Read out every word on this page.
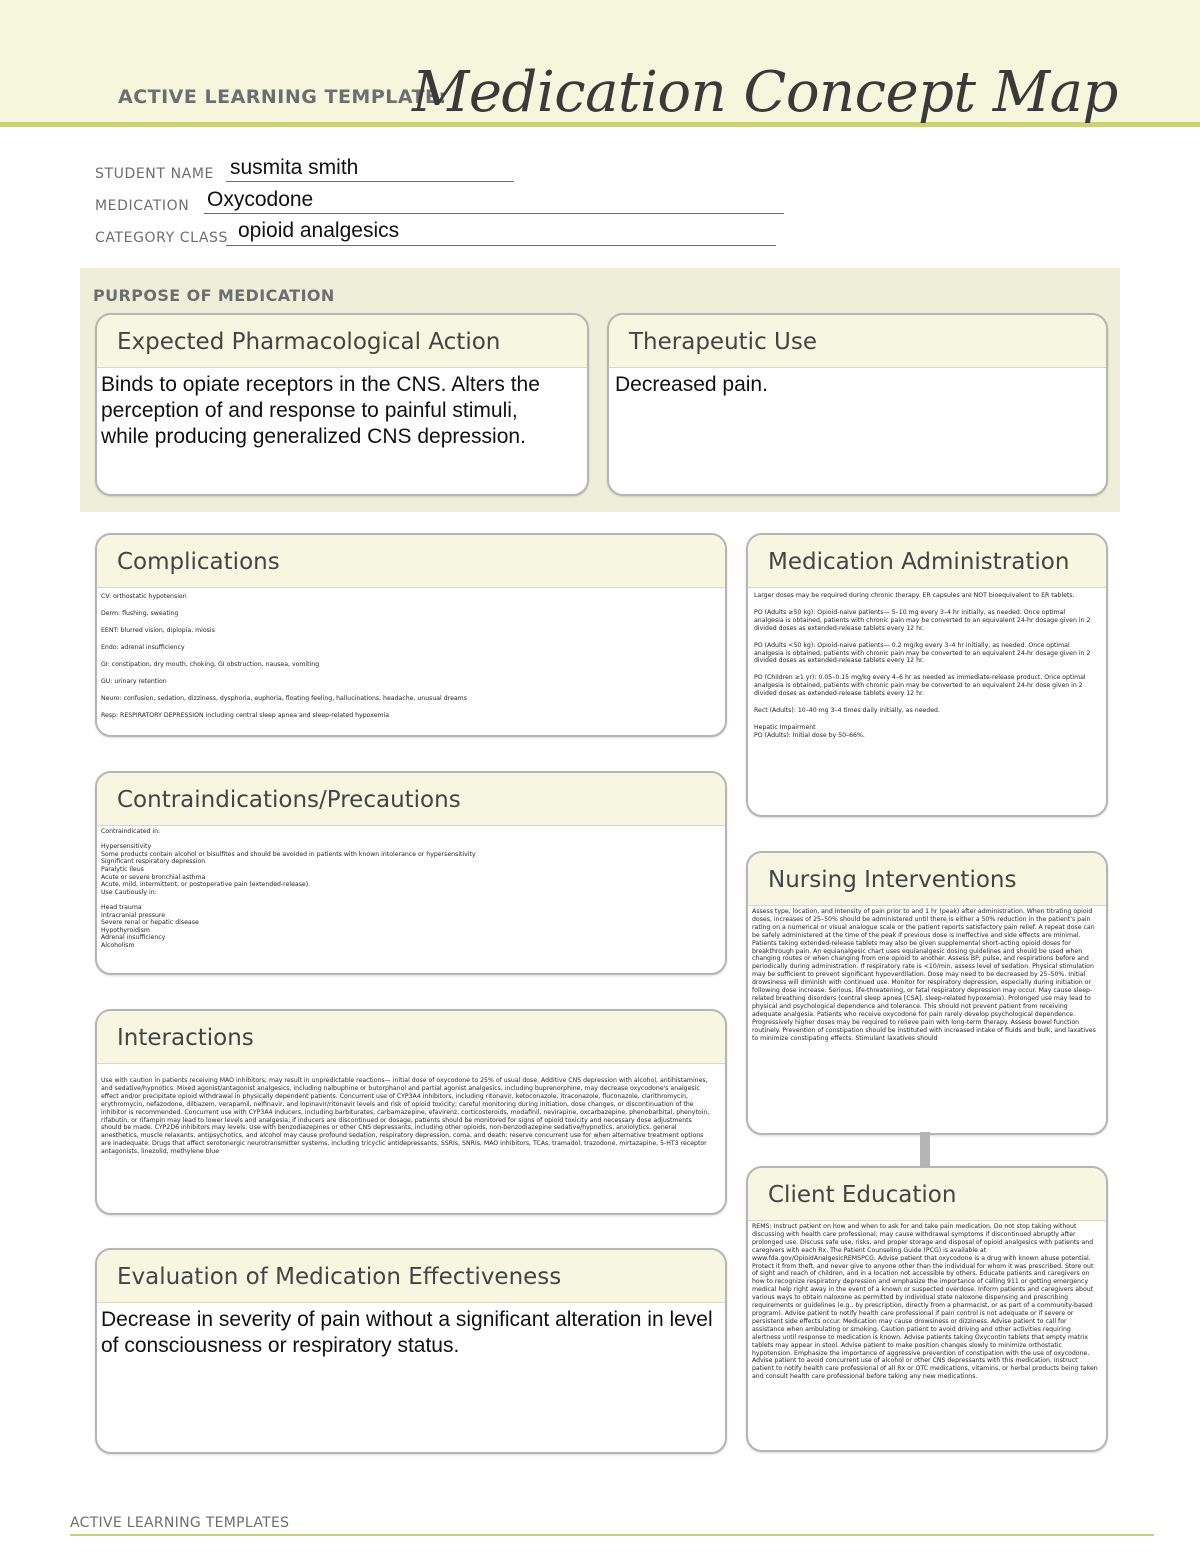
ACTIVE LEARNING TEMPLATE:
Medication Concept Map
STUDENT NAME susmita smith
MEDICATION Oxycodone
CATEGORY CLASS opioid analgesics
PURPOSE OF MEDICATION
Expected Pharmacological Action
Binds to opiate receptors in the CNS. Alters the perception of and response to painful stimuli, while producing generalized CNS depression.
Therapeutic Use
Decreased pain.
Complications

CV: orthostatic hypotension

Derm: flushing, sweating

EENT: blurred vision, diplopia, miosis

Endo: adrenal insufficiency

GI: constipation, dry mouth, choking, GI obstruction, nausea, vomiting

GU: urinary retention

Neuro: confusion, sedation, dizziness, dysphoria, euphoria, floating feeling, hallucinations, headache, unusual dreams

Resp: RESPIRATORY DEPRESSION including central sleep apnea and sleep-related hypoxemia

Medication Administration

Larger doses may be required during chronic therapy. ER capsules are NOT bioequivalent to ER tablets.

PO (Adults ≥50 kg): Opioid-naive patients— 5–10 mg every 3–4 hr initially, as needed. Once optimal analgesia is obtained, patients with chronic pain may be converted to an equivalent 24-hr dosage given in 2 divided doses as extended-release tablets every 12 hr.

PO (Adults <50 kg): Opioid-naive patients— 0.2 mg/kg every 3–4 hr initially, as needed. Once optimal analgesia is obtained, patients with chronic pain may be converted to an equivalent 24-hr dosage given in 2 divided doses as extended-release tablets every 12 hr.

PO (Children ≥1 yr): 0.05–0.15 mg/kg every 4–6 hr as needed as immediate-release product. Once optimal analgesia is obtained, patients with chronic pain may be converted to an equivalent 24-hr dose given in 2 divided doses as extended-release tablets every 12 hr.

Rect (Adults): 10–40 mg 3–4 times daily initially, as needed.

Hepatic Impairment
PO (Adults): Initial dose by 50–66%.

Contraindications/Precautions

Contraindicated in:

Hypersensitivity

Some products contain alcohol or bisulfites and should be avoided in patients with known intolerance or hypersensitivity

Significant respiratory depression

Paralytic ileus

Acute or severe bronchial asthma

Acute, mild, intermittent, or postoperative pain (extended-release).

Use Cautiously in:

Head trauma

Intracranial pressure

Severe renal or hepatic disease

Hypothyroidism

Adrenal insufficiency

Alcoholism

Nursing Interventions
Assess type, location, and intensity of pain prior to and 1 hr (peak) after administration. When titrating opioid doses, increases of 25–50% should be administered until there is either a 50% reduction in the patient's pain rating on a numerical or visual analogue scale or the patient reports satisfactory pain relief. A repeat dose can be safely administered at the time of the peak if previous dose is ineffective and side effects are minimal. Patients taking extended-release tablets may also be given supplemental short-acting opioid doses for breakthrough pain. An equianalgesic chart uses equianalgesic dosing guidelines and should be used when changing routes or when changing from one opioid to another. Assess BP, pulse, and respirations before and periodically during administration. If respiratory rate is <10/min, assess level of sedation. Physical stimulation may be sufficient to prevent significant hypoventilation. Dose may need to be decreased by 25–50%. Initial drowsiness will diminish with continued use. Monitor for respiratory depression, especially during initiation or following dose increase. Serious, life-threatening, or fatal respiratory depression may occur. May cause sleep-related breathing disorders (central sleep apnea [CSA], sleep-related hypoxemia). Prolonged use may lead to physical and psychological dependence and tolerance. This should not prevent patient from receiving adequate analgesia. Patients who receive oxycodone for pain rarely develop psychological dependence. Progressively higher doses may be required to relieve pain with long-term therapy. Assess bowel function routinely. Prevention of constipation should be instituted with increased intake of fluids and bulk, and laxatives to minimize constipating effects. Stimulant laxatives should
Interactions
Use with caution in patients receiving MAO inhibitors; may result in unpredictable reactions— initial dose of oxycodone to 25% of usual dose. Additive CNS depression with alcohol, antihistamines, and sedative/hypnotics. Mixed agonist/antagonist analgesics, including nalbuphine or butorphanol and partial agonist analgesics, including buprenorphine, may decrease oxycodone's analgesic effect and/or precipitate opioid withdrawal in physically dependent patients. Concurrent use of CYP3A4 inhibitors, including ritonavir, ketoconazole, itraconazole, fluconazole, clarithromycin, erythromycin, nefazodone, diltiazem, verapamil, nelfinavir, and lopinavir/ritonavir levels and risk of opioid toxicity; careful monitoring during initiation, dose changes, or discontinuation of the inhibitor is recommended. Concurrent use with CYP3A4 inducers, including barbiturates, carbamazepine, efavirenz, corticosteroids, modafinil, nevirapine, oxcarbazepine, phenobarbital, phenytoin, rifabutin, or rifampin may lead to lower levels and analgesia; if inducers are discontinued or dosage, patients should be monitored for signs of opioid toxicity and necessary dose adjustments should be made. CYP2D6 inhibitors may levels. Use with benzodiazepines or other CNS depressants, including other opioids, non-benzodiazepine sedative/hypnotics, anxiolytics, general anesthetics, muscle relaxants, antipsychotics, and alcohol may cause profound sedation, respiratory depression, coma, and death; reserve concurrent use for when alternative treatment options are inadequate. Drugs that affect serotonergic neurotransmitter systems, including tricyclic antidepressants, SSRIs, SNRIs, MAO inhibitors, TCAs, tramadol, trazodone, mirtazapine, 5-HT3 receptor antagonists, linezolid, methylene blue
Client Education
REMS: Instruct patient on how and when to ask for and take pain medication. Do not stop taking without discussing with health care professional; may cause withdrawal symptoms if discontinued abruptly after prolonged use. Discuss safe use, risks, and proper storage and disposal of opioid analgesics with patients and caregivers with each Rx. The Patient Counseling Guide (PCG) is available at www.fda.gov/OpioidAnalgesicREMSPCG. Advise patient that oxycodone is a drug with known abuse potential. Protect it from theft, and never give to anyone other than the individual for whom it was prescribed. Store out of sight and reach of children, and in a location not accessible by others. Educate patients and caregivers on how to recognize respiratory depression and emphasize the importance of calling 911 or getting emergency medical help right away in the event of a known or suspected overdose. Inform patients and caregivers about various ways to obtain naloxone as permitted by individual state naloxone dispensing and prescribing requirements or guidelines (e.g., by prescription, directly from a pharmacist, or as part of a community-based program). Advise patient to notify health care professional if pain control is not adequate or if severe or persistent side effects occur. Medication may cause drowsiness or dizziness. Advise patient to call for assistance when ambulating or smoking. Caution patient to avoid driving and other activities requiring alertness until response to medication is known. Advise patients taking Oxycontin tablets that empty matrix tablets may appear in stool. Advise patient to make position changes slowly to minimize orthostatic hypotension. Emphasize the importance of aggressive prevention of constipation with the use of oxycodone. Advise patient to avoid concurrent use of alcohol or other CNS depressants with this medication. Instruct patient to notify health care professional of all Rx or OTC medications, vitamins, or herbal products being taken and consult health care professional before taking any new medications.
Evaluation of Medication Effectiveness
Decrease in severity of pain without a significant alteration in level of consciousness or respiratory status.
ACTIVE LEARNING TEMPLATES
